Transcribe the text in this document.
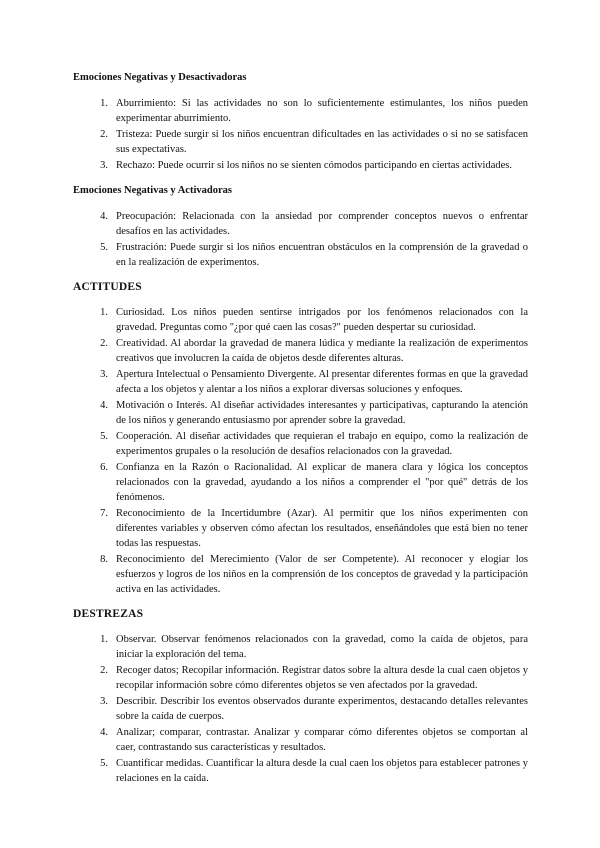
Emociones Negativas y Desactivadoras
1. Aburrimiento: Si las actividades no son lo suficientemente estimulantes, los niños pueden experimentar aburrimiento.
2. Tristeza: Puede surgir si los niños encuentran dificultades en las actividades o si no se satisfacen sus expectativas.
3. Rechazo: Puede ocurrir si los niños no se sienten cómodos participando en ciertas actividades.
Emociones Negativas y Activadoras
4. Preocupación: Relacionada con la ansiedad por comprender conceptos nuevos o enfrentar desafíos en las actividades.
5. Frustración: Puede surgir si los niños encuentran obstáculos en la comprensión de la gravedad o en la realización de experimentos.
ACTITUDES
1. Curiosidad. Los niños pueden sentirse intrigados por los fenómenos relacionados con la gravedad. Preguntas como "¿por qué caen las cosas?" pueden despertar su curiosidad.
2. Creatividad. Al abordar la gravedad de manera lúdica y mediante la realización de experimentos creativos que involucren la caída de objetos desde diferentes alturas.
3. Apertura Intelectual o Pensamiento Divergente. Al presentar diferentes formas en que la gravedad afecta a los objetos y alentar a los niños a explorar diversas soluciones y enfoques.
4. Motivación o Interés. Al diseñar actividades interesantes y participativas, capturando la atención de los niños y generando entusiasmo por aprender sobre la gravedad.
5. Cooperación. Al diseñar actividades que requieran el trabajo en equipo, como la realización de experimentos grupales o la resolución de desafíos relacionados con la gravedad.
6. Confianza en la Razón o Racionalidad. Al explicar de manera clara y lógica los conceptos relacionados con la gravedad, ayudando a los niños a comprender el "por qué" detrás de los fenómenos.
7. Reconocimiento de la Incertidumbre (Azar). Al permitir que los niños experimenten con diferentes variables y observen cómo afectan los resultados, enseñándoles que está bien no tener todas las respuestas.
8. Reconocimiento del Merecimiento (Valor de ser Competente). Al reconocer y elogiar los esfuerzos y logros de los niños en la comprensión de los conceptos de gravedad y la participación activa en las actividades.
DESTREZAS
1. Observar. Observar fenómenos relacionados con la gravedad, como la caída de objetos, para iniciar la exploración del tema.
2. Recoger datos; Recopilar información. Registrar datos sobre la altura desde la cual caen objetos y recopilar información sobre cómo diferentes objetos se ven afectados por la gravedad.
3. Describir. Describir los eventos observados durante experimentos, destacando detalles relevantes sobre la caída de cuerpos.
4. Analizar; comparar, contrastar. Analizar y comparar cómo diferentes objetos se comportan al caer, contrastando sus características y resultados.
5. Cuantificar medidas. Cuantificar la altura desde la cual caen los objetos para establecer patrones y relaciones en la caída.
